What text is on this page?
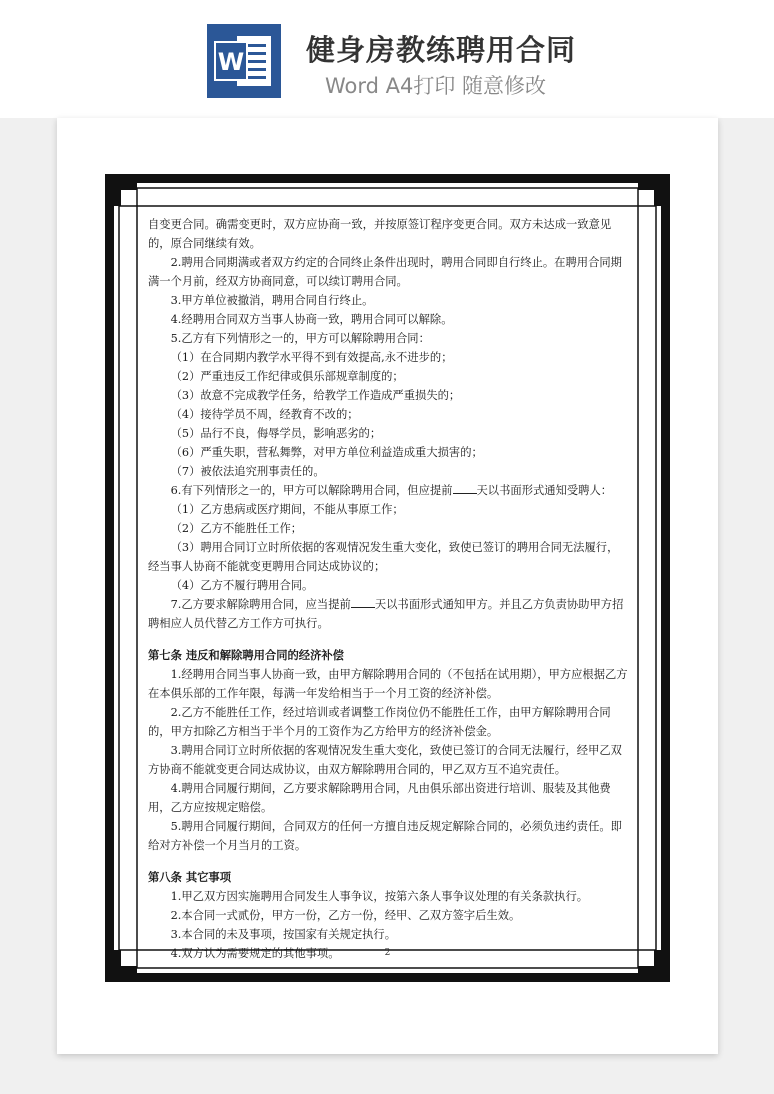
W 健身房教练聘用合同
Word A4打印 随意修改

自变更合同。确需变更时，双方应协商一致，并按原签订程序变更合同。双方未达成一致意见的，原合同继续有效。

2.聘用合同期满或者双方约定的合同终止条件出现时，聘用合同即自行终止。在聘用合同期满一个月前，经双方协商同意，可以续订聘用合同。

3.甲方单位被撤消，聘用合同自行终止。

4.经聘用合同双方当事人协商一致，聘用合同可以解除。

5.乙方有下列情形之一的，甲方可以解除聘用合同：

（1）在合同期内教学水平得不到有效提高,永不进步的；

（2）严重违反工作纪律或俱乐部规章制度的；

（3）故意不完成教学任务，给教学工作造成严重损失的；

（4）接待学员不周，经教育不改的；

（5）品行不良，侮辱学员，影响恶劣的；

（6）严重失职，营私舞弊，对甲方单位利益造成重大损害的；

（7）被依法追究刑事责任的。

6.有下列情形之一的，甲方可以解除聘用合同，但应提前 天以书面形式通知受聘人：

（1）乙方患病或医疗期间，不能从事原工作；

（2）乙方不能胜任工作；

（3）聘用合同订立时所依据的客观情况发生重大变化，致使已签订的聘用合同无法履行，经当事人协商不能就变更聘用合同达成协议的；

（4）乙方不履行聘用合同。

7.乙方要求解除聘用合同，应当提前 天以书面形式通知甲方。并且乙方负责协助甲方招聘相应人员代替乙方工作方可执行。

第七条 违反和解除聘用合同的经济补偿

1.经聘用合同当事人协商一致，由甲方解除聘用合同的（不包括在试用期），甲方应根据乙方在本俱乐部的工作年限，每满一年发给相当于一个月工资的经济补偿。

2.乙方不能胜任工作，经过培训或者调整工作岗位仍不能胜任工作，由甲方解除聘用合同的，甲方扣除乙方相当于半个月的工资作为乙方给甲方的经济补偿金。

3.聘用合同订立时所依据的客观情况发生重大变化，致使已签订的合同无法履行，经甲乙双方协商不能就变更合同达成协议，由双方解除聘用合同的，甲乙双方互不追究责任。

4.聘用合同履行期间，乙方要求解除聘用合同，凡由俱乐部出资进行培训、服装及其他费用，乙方应按规定赔偿。

5.聘用合同履行期间，合同双方的任何一方擅自违反规定解除合同的，必须负违约责任。即给对方补偿一个月当月的工资。

第八条 其它事项

1.甲乙双方因实施聘用合同发生人事争议，按第六条人事争议处理的有关条款执行。

2.本合同一式贰份，甲方一份，乙方一份，经甲、乙双方签字后生效。

3.本合同的未及事项，按国家有关规定执行。

4.双方认为需要规定的其他事项。	2
